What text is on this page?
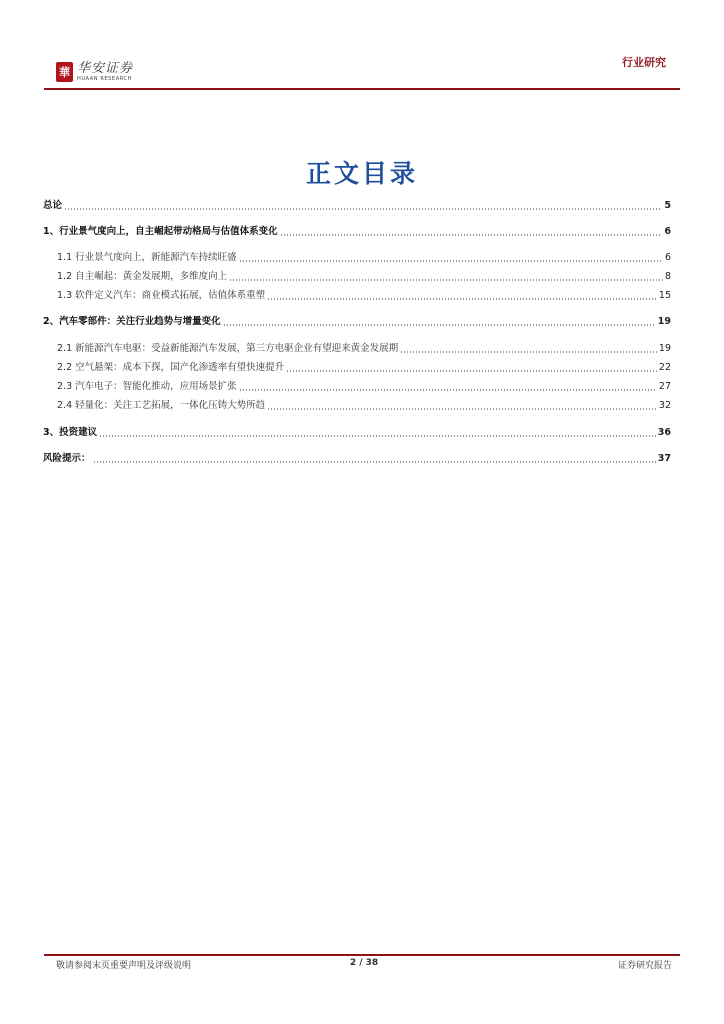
華 华安证券
HUAAN RESEARCH
行业研究
正文目录
总论	5
1、行业景气度向上，自主崛起带动格局与估值体系变化	6
1.1 行业景气度向上，新能源汽车持续旺盛	6
1.2 自主崛起：黄金发展期，多维度向上	8
1.3 软件定义汽车：商业模式拓展，估值体系重塑	15
2、汽车零部件：关注行业趋势与增量变化	19
2.1 新能源汽车电驱：受益新能源汽车发展，第三方电驱企业有望迎来黄金发展期	19
2.2 空气悬架：成本下探，国产化渗透率有望快速提升	22
2.3 汽车电子：智能化推动，应用场景扩张	27
2.4 轻量化：关注工艺拓展，一体化压铸大势所趋	32
3、投资建议	36
风险提示：	37
敬请参阅末页重要声明及评级说明	2 / 38	证券研究报告
